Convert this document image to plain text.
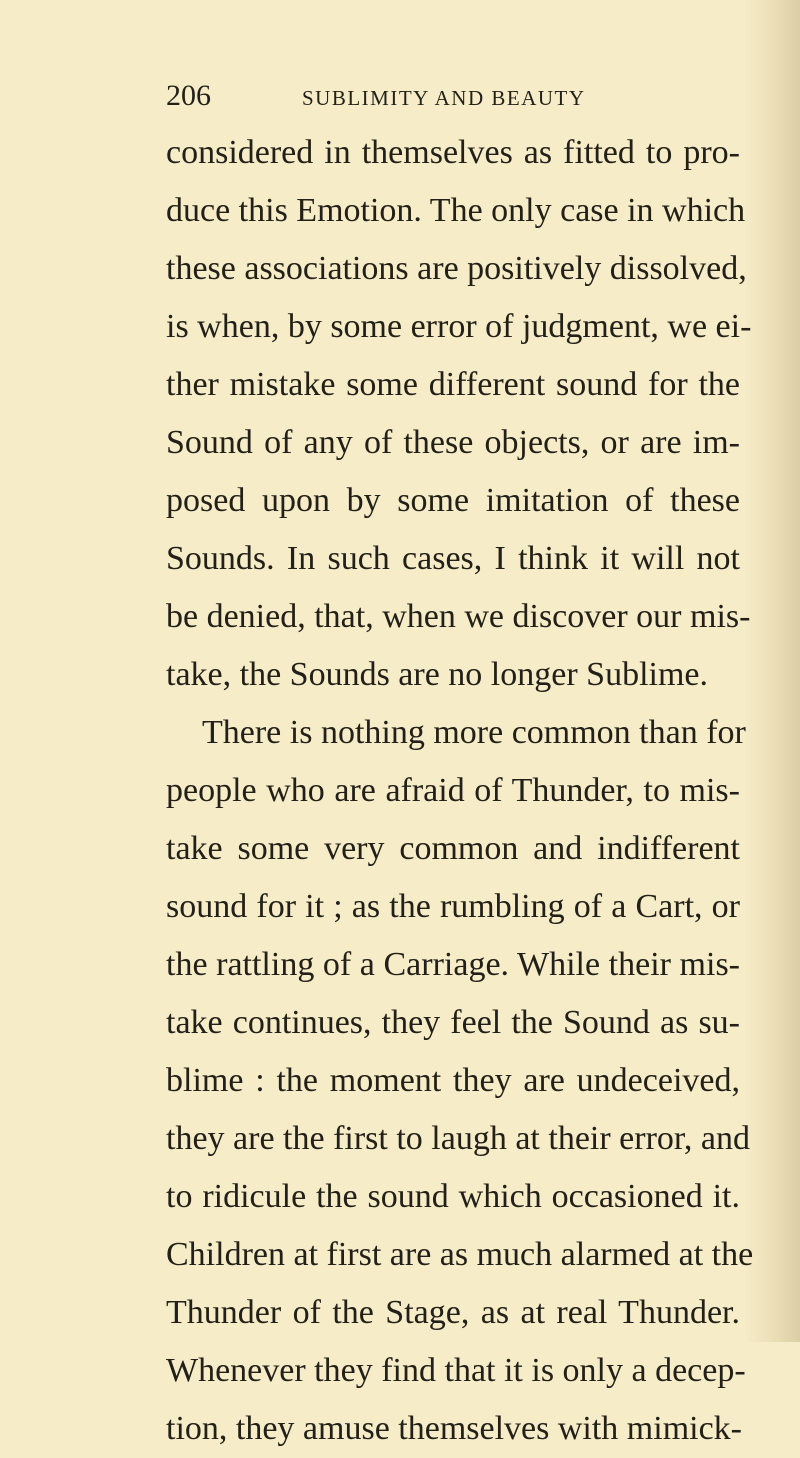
206	SUBLIMITY AND BEAUTY
considered in themselves as fitted to pro-
duce this Emotion. The only case in which
these associations are positively dissolved,
is when, by some error of judgment, we ei-
ther mistake some different sound for the
Sound of any of these objects, or are im-
posed upon by some imitation of these
Sounds. In such cases, I think it will not
be denied, that, when we discover our mis-
take, the Sounds are no longer Sublime.
There is nothing more common than for
people who are afraid of Thunder, to mis-
take some very common and indifferent
sound for it ; as the rumbling of a Cart, or
the rattling of a Carriage. While their mis-
take continues, they feel the Sound as su-
blime : the moment they are undeceived,
they are the first to laugh at their error, and
to ridicule the sound which occasioned it.
Children at first are as much alarmed at the
Thunder of the Stage, as at real Thunder.
Whenever they find that it is only a decep-
tion, they amuse themselves with mimick-
